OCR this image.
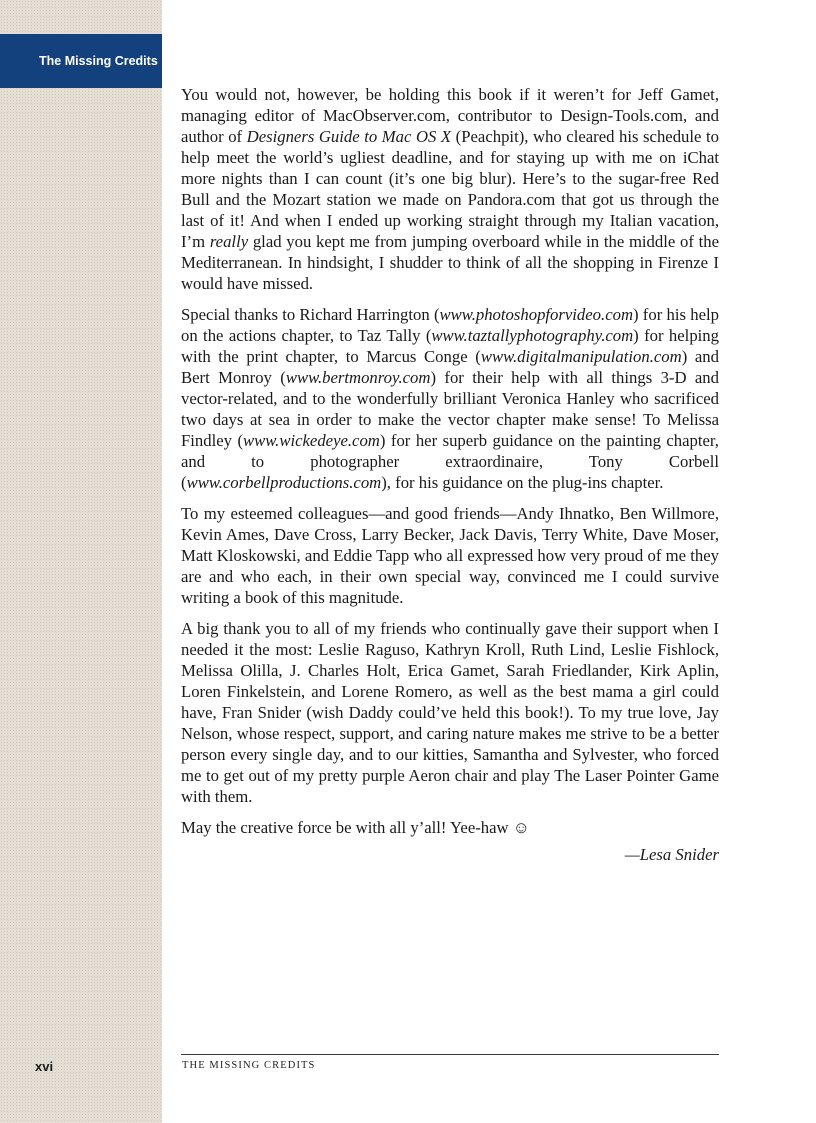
The Missing Credits

You would not, however, be holding this book if it weren’t for Jeff Gamet, managing editor of MacObserver.com, contributor to Design-Tools.com, and author of Designers Guide to Mac OS X (Peachpit), who cleared his schedule to help meet the world’s ugliest deadline, and for staying up with me on iChat more nights than I can count (it’s one big blur). Here’s to the sugar-free Red Bull and the Mozart station we made on Pandora.com that got us through the last of it! And when I ended up working straight through my Italian vacation, I’m really glad you kept me from jumping overboard while in the middle of the Mediterranean. In hindsight, I shudder to think of all the shopping in Firenze I would have missed.

Special thanks to Richard Harrington (www.photoshopforvideo.com) for his help on the actions chapter, to Taz Tally (www.taztallyphotography.com) for helping with the print chapter, to Marcus Conge (www.digitalmanipulation.com) and Bert Monroy (www.bertmonroy.com) for their help with all things 3-D and vector-related, and to the wonderfully brilliant Veronica Hanley who sacrificed two days at sea in order to make the vector chapter make sense! To Melissa Findley (www.wickedeye.com) for her superb guidance on the painting chapter, and to photographer extraordinaire, Tony Corbell (www.corbellproductions.com), for his guidance on the plug-ins chapter.

To my esteemed colleagues—and good friends—Andy Ihnatko, Ben Willmore, Kevin Ames, Dave Cross, Larry Becker, Jack Davis, Terry White, Dave Moser, Matt Kloskowski, and Eddie Tapp who all expressed how very proud of me they are and who each, in their own special way, convinced me I could survive writing a book of this magnitude.

A big thank you to all of my friends who continually gave their support when I needed it the most: Leslie Raguso, Kathryn Kroll, Ruth Lind, Leslie Fishlock, Melissa Olilla, J. Charles Holt, Erica Gamet, Sarah Friedlander, Kirk Aplin, Loren Finkelstein, and Lorene Romero, as well as the best mama a girl could have, Fran Snider (wish Daddy could’ve held this book!). To my true love, Jay Nelson, whose respect, support, and caring nature makes me strive to be a better person every single day, and to our kitties, Samantha and Sylvester, who forced me to get out of my pretty purple Aeron chair and play The Laser Pointer Game with them.

May the creative force be with all y’all! Yee-haw ☺

—Lesa Snider

xvi	THE MISSING CREDITS
